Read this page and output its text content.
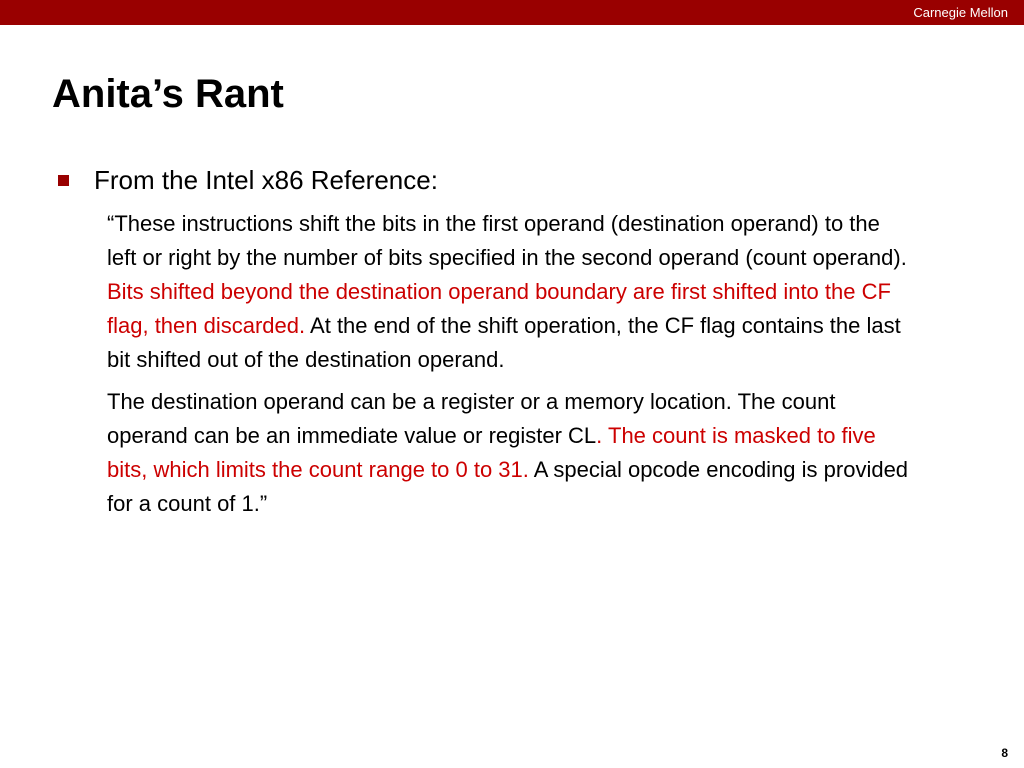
Carnegie Mellon
Anita’s Rant
From the Intel x86 Reference:

“These instructions shift the bits in the first operand (destination operand) to the left or right by the number of bits specified in the second operand (count operand). Bits shifted beyond the destination operand boundary are first shifted into the CF flag, then discarded. At the end of the shift operation, the CF flag contains the last bit shifted out of the destination operand.

The destination operand can be a register or a memory location. The count operand can be an immediate value or register CL. The count is masked to five bits, which limits the count range to 0 to 31. A special opcode encoding is provided for a count of 1.”

8
